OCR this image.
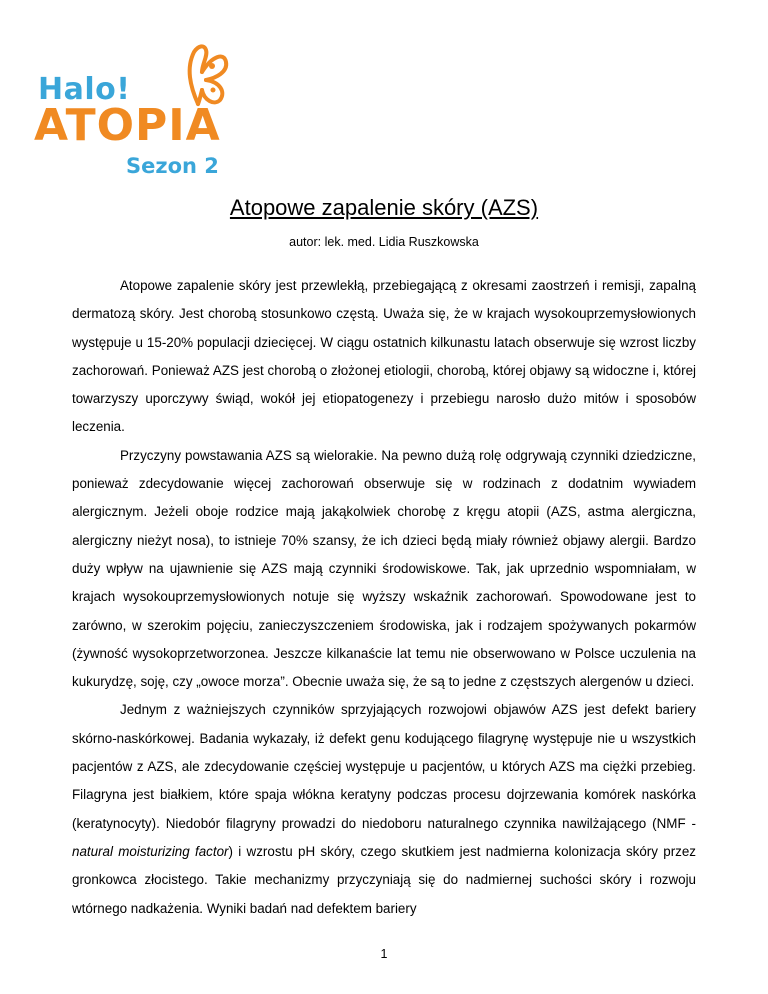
Halo!
ATOPIA
Sezon 2
Atopowe zapalenie skóry (AZS)
autor: lek. med. Lidia Ruszkowska

Atopowe zapalenie skóry jest przewlekłą, przebiegającą z okresami zaostrzeń i remisji, zapalną dermatozą skóry. Jest chorobą stosunkowo częstą. Uważa się, że w krajach wysokouprzemysłowionych występuje u 15-20% populacji dziecięcej. W ciągu ostatnich kilkunastu latach obserwuje się wzrost liczby zachorowań. Ponieważ AZS jest chorobą o złożonej etiologii, chorobą, której objawy są widoczne i, której towarzyszy uporczywy świąd, wokół jej etiopatogenezy i przebiegu narosło dużo mitów i sposobów leczenia.

Przyczyny powstawania AZS są wielorakie. Na pewno dużą rolę odgrywają czynniki dziedziczne, ponieważ zdecydowanie więcej zachorowań obserwuje się w rodzinach z dodatnim wywiadem alergicznym. Jeżeli oboje rodzice mają jakąkolwiek chorobę z kręgu atopii (AZS, astma alergiczna, alergiczny nieżyt nosa), to istnieje 70% szansy, że ich dzieci będą miały również objawy alergii. Bardzo duży wpływ na ujawnienie się AZS mają czynniki środowiskowe. Tak, jak uprzednio wspomniałam, w krajach wysokouprzemysłowionych notuje się wyższy wskaźnik zachorowań. Spowodowane jest to zarówno, w szerokim pojęciu, zanieczyszczeniem środowiska, jak i rodzajem spożywanych pokarmów (żywność wysokoprzetworzonea. Jeszcze kilkanaście lat temu nie obserwowano w Polsce uczulenia na kukurydzę, soję, czy „owoce morza”. Obecnie uważa się, że są to jedne z częstszych alergenów u dzieci.

Jednym z ważniejszych czynników sprzyjających rozwojowi objawów AZS jest defekt bariery skórno-naskórkowej. Badania wykazały, iż defekt genu kodującego filagrynę występuje nie u wszystkich pacjentów z AZS, ale zdecydowanie częściej występuje u pacjentów, u których AZS ma ciężki przebieg. Filagryna jest białkiem, które spaja włókna keratyny podczas procesu dojrzewania komórek naskórka (keratynocyty). Niedobór filagryny prowadzi do niedoboru naturalnego czynnika nawilżającego (NMF - natural moisturizing factor) i wzrostu pH skóry, czego skutkiem jest nadmierna kolonizacja skóry przez gronkowca złocistego. Takie mechanizmy przyczyniają się do nadmiernej suchości skóry i rozwoju wtórnego nadkażenia. Wyniki badań nad defektem bariery

1
